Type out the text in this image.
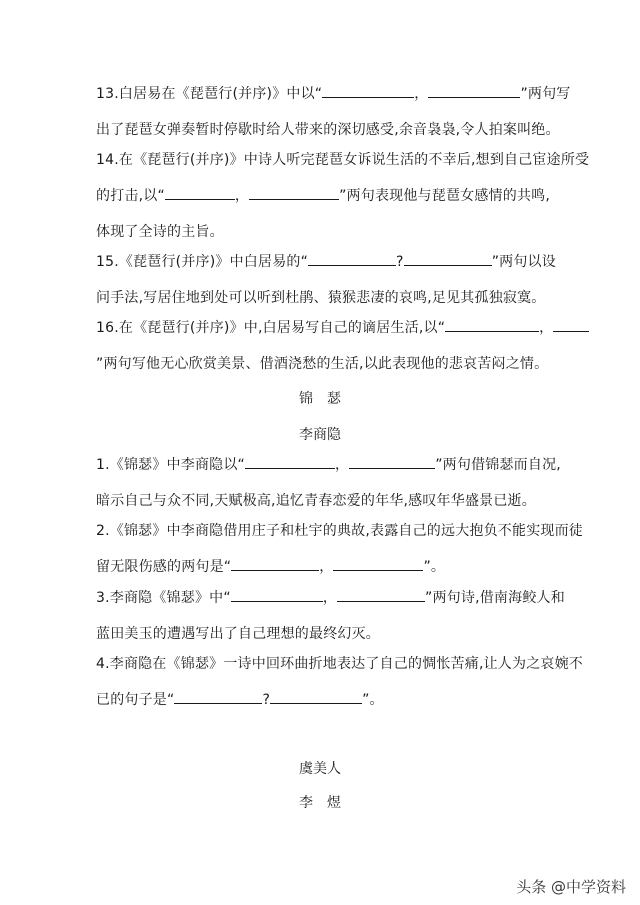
13.白居易在《琵琶行(并序)》中以“	，	”两句写

出了琵琶女弹奏暂时停歇时给人带来的深切感受,余音袅袅,令人拍案叫绝。

14.在《琵琶行(并序)》中诗人听完琵琶女诉说生活的不幸后,想到自己宦途所受

的打击,以“	，	”两句表现他与琵琶女感情的共鸣,

体现了全诗的主旨。

15.《琵琶行(并序)》中白居易的“	?	”两句以设

问手法,写居住地到处可以听到杜鹃、猿猴悲凄的哀鸣,足见其孤独寂寞。

16.在《琵琶行(并序)》中,白居易写自己的谪居生活,以“	，

”两句写他无心欣赏美景、借酒浇愁的生活,以此表现他的悲哀苦闷之情。

锦　瑟
李商隐

1.《锦瑟》中李商隐以“	，	”两句借锦瑟而自况,

暗示自己与众不同,天赋极高,追忆青春恋爱的年华,感叹年华盛景已逝。

2.《锦瑟》中李商隐借用庄子和杜宇的典故,表露自己的远大抱负不能实现而徒

留无限伤感的两句是“	，	”。

3.李商隐《锦瑟》中“	，	”两句诗,借南海鲛人和

蓝田美玉的遭遇写出了自己理想的最终幻灭。

4.李商隐在《锦瑟》一诗中回环曲折地表达了自己的惆怅苦痛,让人为之哀婉不

已的句子是“	?	”。

虞美人
李　煜
头条 @中学资料
